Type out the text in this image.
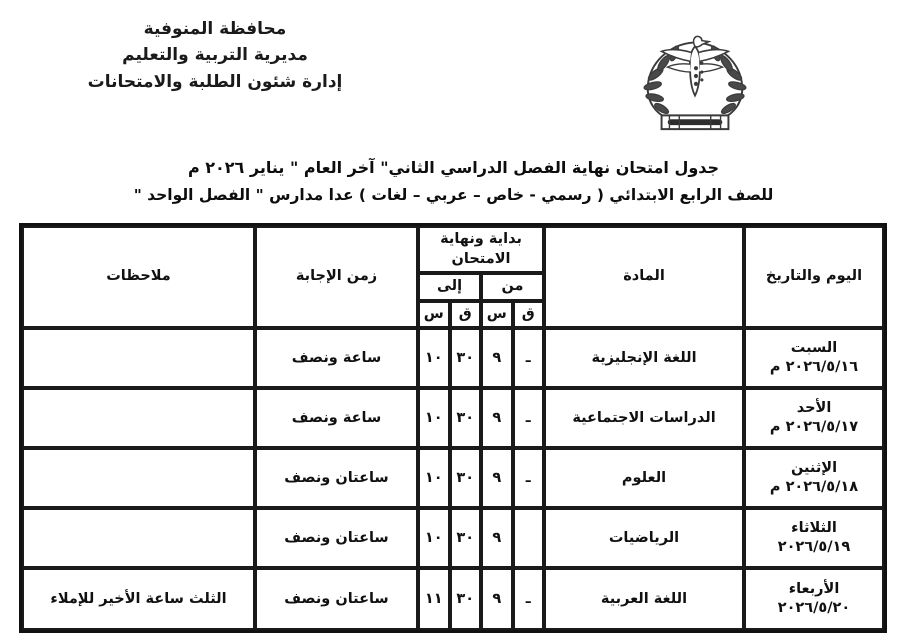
محافظة المنوفية
مديرية التربية والتعليم
إدارة شئون الطلبة والامتحانات
جدول امتحان نهاية الفصل الدراسي الثاني" آخر العام " يناير ٢٠٢٦ م
للصف الرابع الابتدائي ( رسمي - خاص – عربي – لغات ) عدا مدارس " الفصل الواحد "
اليوم والتاريخ	المادة	بداية ونهاية الامتحان				زمن الإجابة	ملاحظات
		من		إلى			
		ق	س	ق	س		

السبت
٢٠٢٦/٥/١٦ م	اللغة الإنجليزية	ـ	٩	٣٠	١٠	ساعة ونصف	

الأحد
٢٠٢٦/٥/١٧ م	الدراسات الاجتماعية	ـ	٩	٣٠	١٠	ساعة ونصف	

الإثنين
٢٠٢٦/٥/١٨ م	العلوم	ـ	٩	٣٠	١٠	ساعتان ونصف	

الثلاثاء
٢٠٢٦/٥/١٩	الرياضيات		٩	٣٠	١٠	ساعتان ونصف	

الأربعاء
٢٠٢٦/٥/٢٠	اللغة العربية	ـ	٩	٣٠	١١	ساعتان ونصف	الثلث ساعة الأخير للإملاء
